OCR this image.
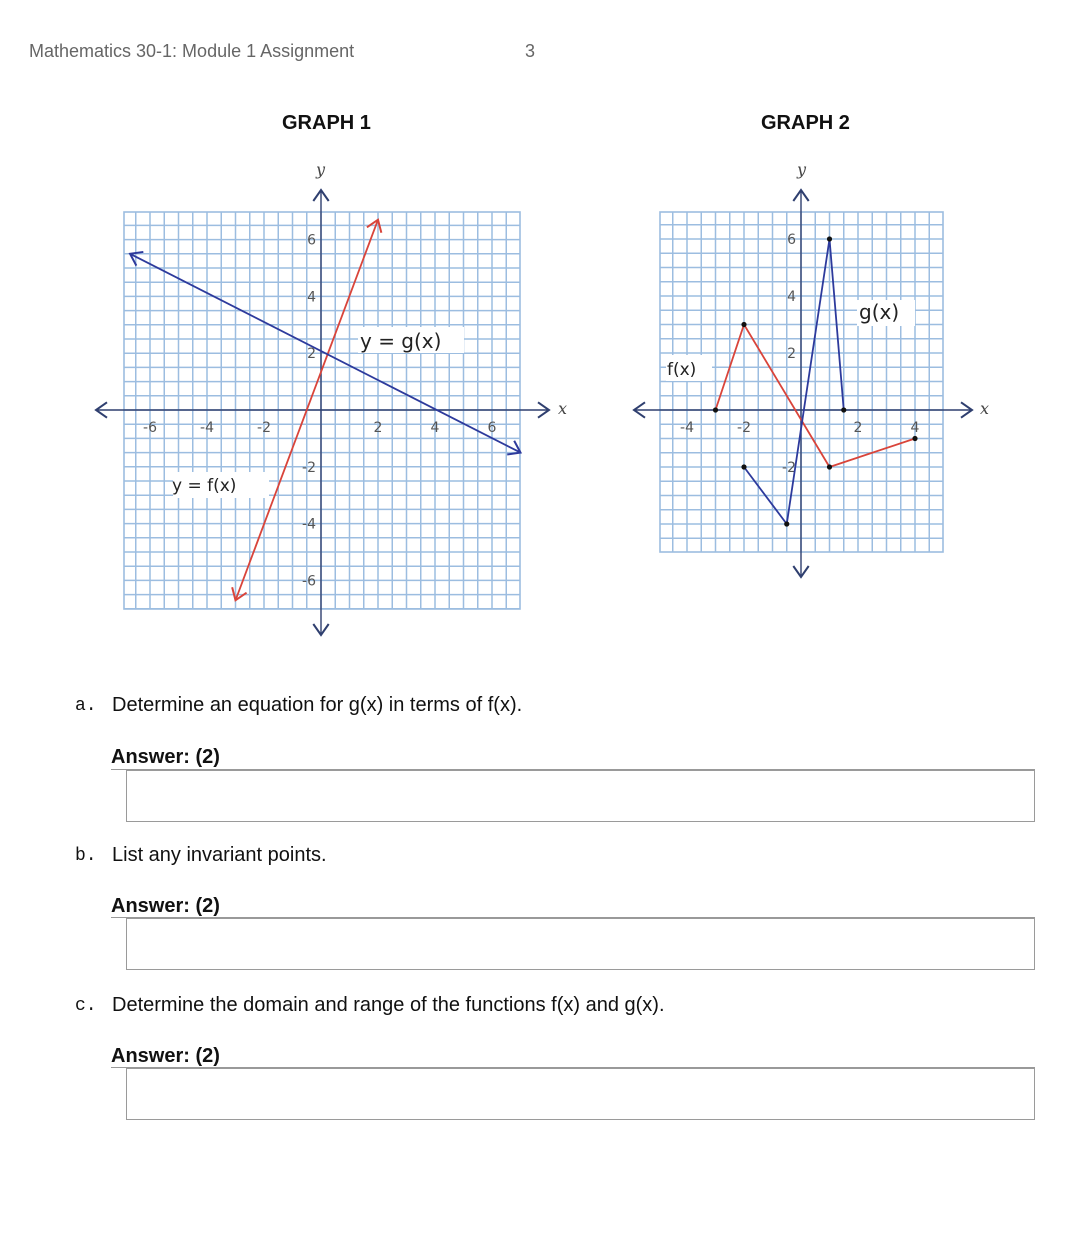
Mathematics 30-1: Module 1 Assignment	3
GRAPH 1	GRAPH 2
-6	-4	-2	2	4	6
6
4
2
-2
-4
-6
y = f(x)
y = g(x)
x
y
-4	-2	2	4
6
4
2
-2
f(x)
g(x)
x
y
a. Determine an equation for g(x) in terms of f(x).
Answer: (2)
b. List any invariant points.
Answer: (2)
c. Determine the domain and range of the functions f(x) and g(x).
Answer: (2)
